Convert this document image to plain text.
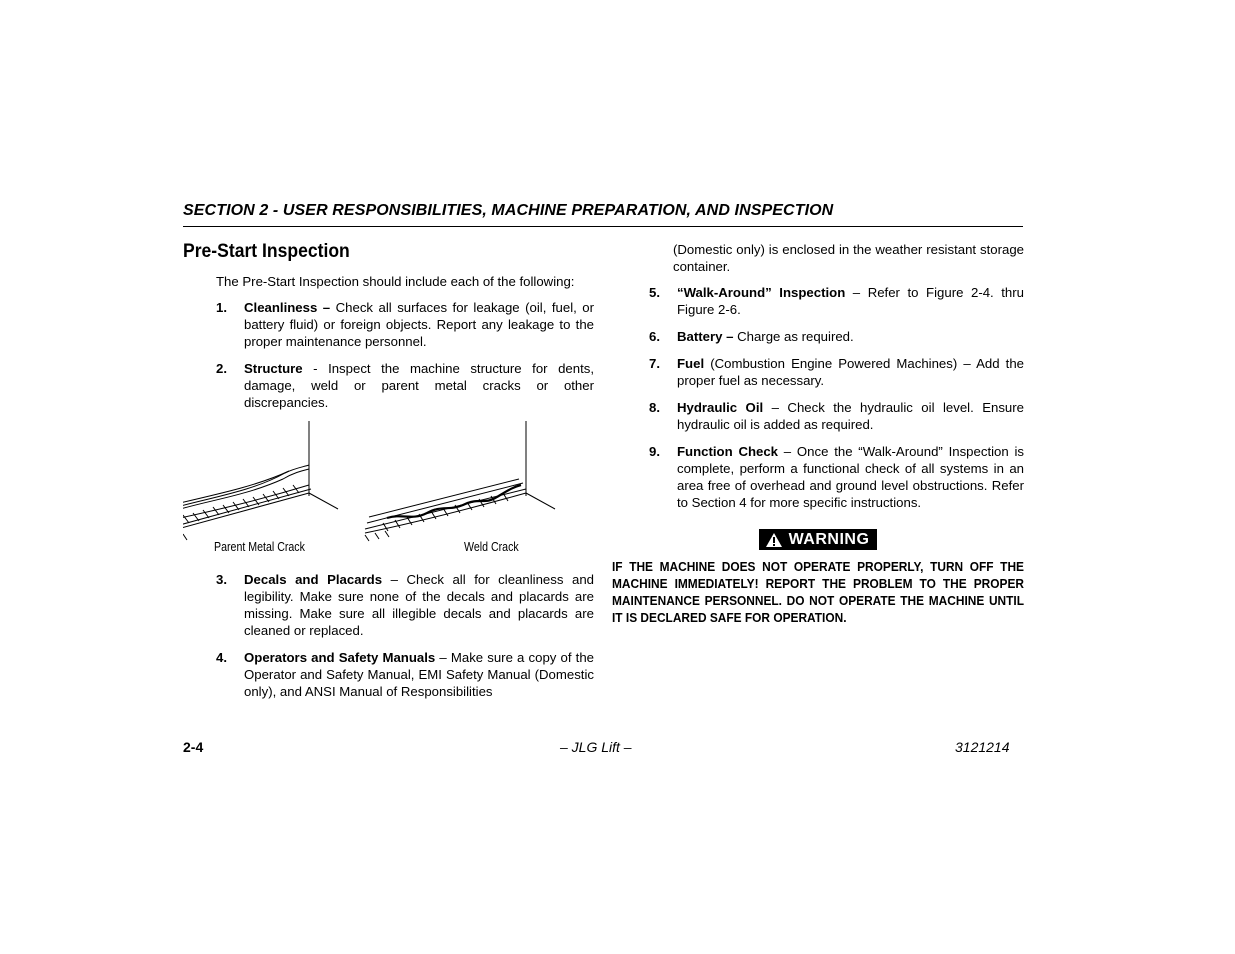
SECTION 2 - USER RESPONSIBILITIES, MACHINE PREPARATION, AND INSPECTION
Pre-Start Inspection

The Pre-Start Inspection should include each of the following:

1.	Cleanliness – Check all surfaces for leakage (oil, fuel, or battery fluid) or foreign objects. Report any leakage to the proper maintenance personnel.
2.	Structure - Inspect the machine structure for dents, damage, weld or parent metal cracks or other discrepancies.
Parent Metal Crack	Weld Crack
3.	Decals and Placards – Check all for cleanliness and legibility. Make sure none of the decals and placards are missing. Make sure all illegible decals and placards are cleaned or replaced.
4.	Operators and Safety Manuals – Make sure a copy of the Operator and Safety Manual, EMI Safety Manual (Domestic only), and ANSI Manual of Responsibilities

(Domestic only) is enclosed in the weather resistant storage container.

5.	“Walk-Around” Inspection – Refer to Figure 2-4. thru Figure 2-6.
6.	Battery – Charge as required.
7.	Fuel (Combustion Engine Powered Machines) – Add the proper fuel as necessary.
8.	Hydraulic Oil – Check the hydraulic oil level. Ensure hydraulic oil is added as required.
9.	Function Check – Once the “Walk-Around” Inspection is complete, perform a functional check of all systems in an area free of overhead and ground level obstructions. Refer to Section 4 for more specific instructions.
WARNING
IF THE MACHINE DOES NOT OPERATE PROPERLY, TURN OFF THE MACHINE IMMEDIATELY! REPORT THE PROBLEM TO THE PROPER MAINTENANCE PERSONNEL. DO NOT OPERATE THE MACHINE UNTIL IT IS DECLARED SAFE FOR OPERATION.
2-4	– JLG Lift –	3121214
